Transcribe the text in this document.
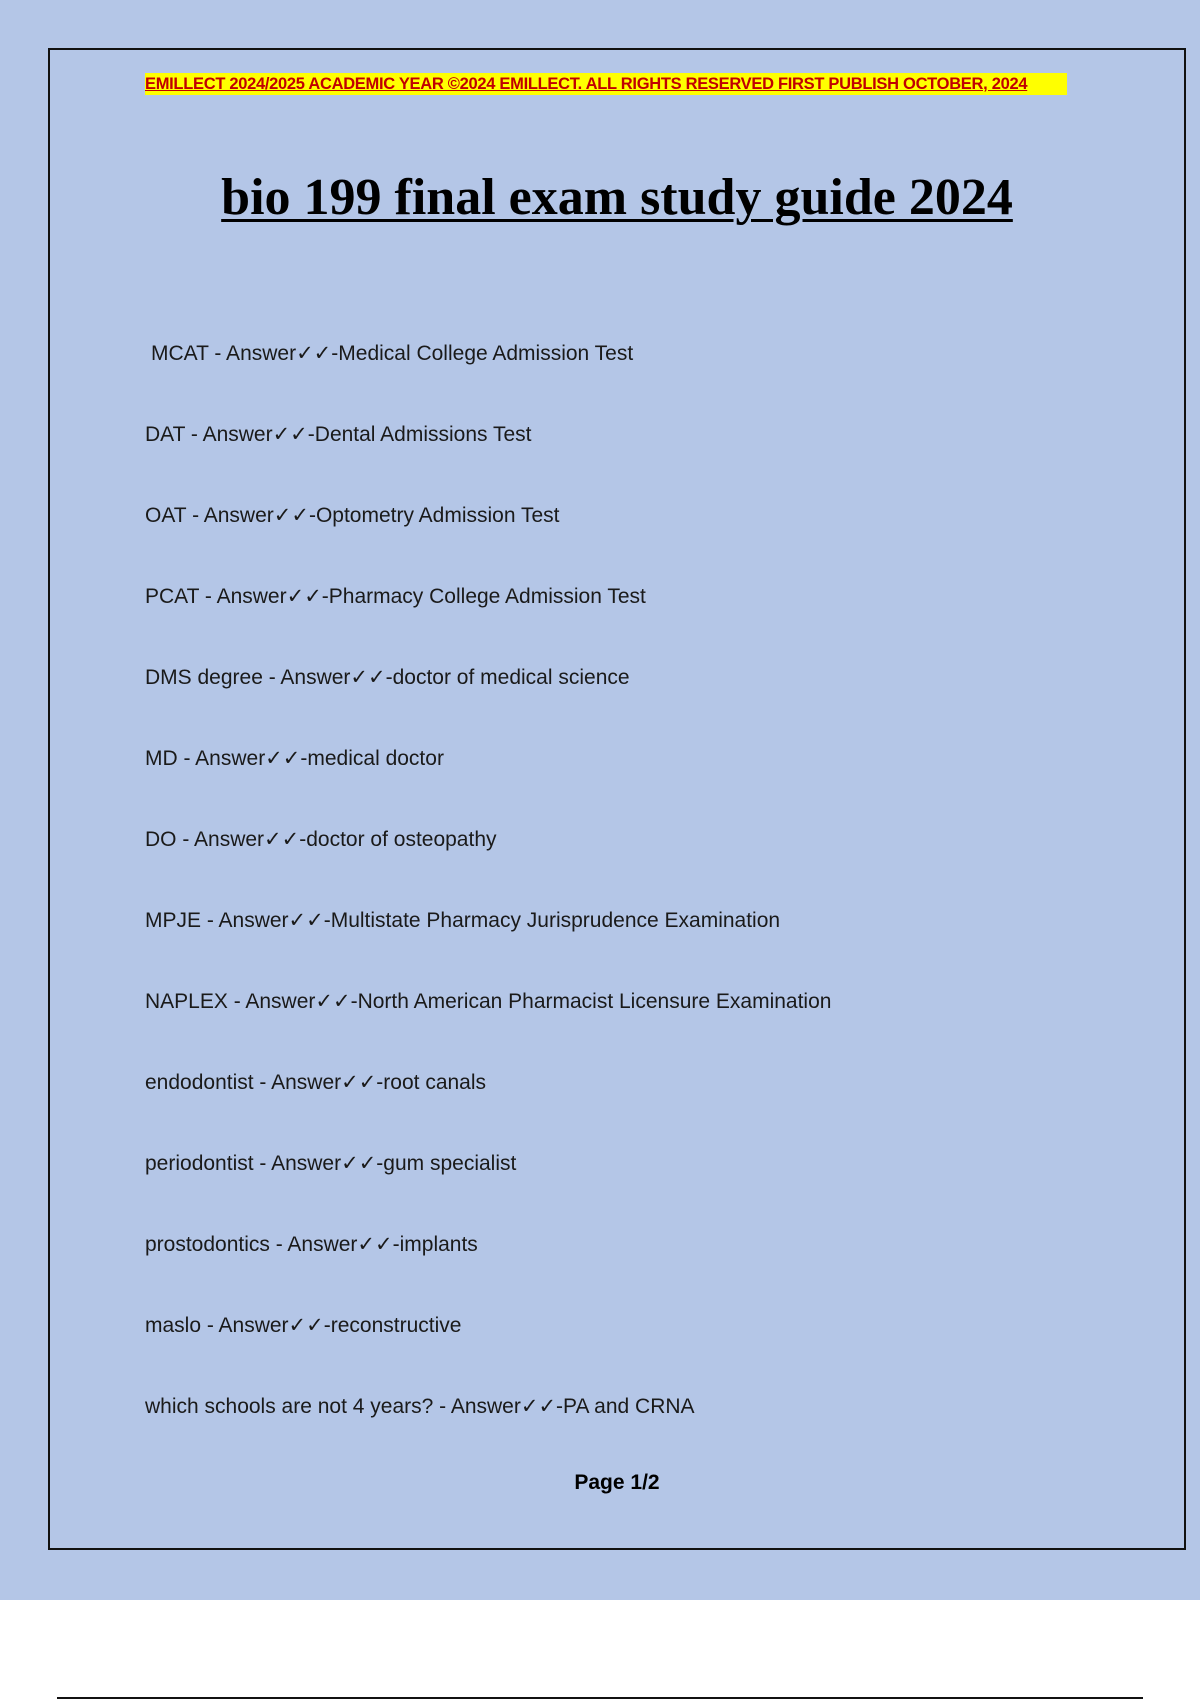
EMILLECT 2024/2025 ACADEMIC YEAR ©2024 EMILLECT. ALL RIGHTS RESERVED FIRST PUBLISH OCTOBER, 2024
bio 199 final exam study guide 2024
MCAT - Answer✓✓-Medical College Admission Test
DAT - Answer✓✓-Dental Admissions Test
OAT - Answer✓✓-Optometry Admission Test
PCAT - Answer✓✓-Pharmacy College Admission Test
DMS degree - Answer✓✓-doctor of medical science
MD - Answer✓✓-medical doctor
DO - Answer✓✓-doctor of osteopathy
MPJE - Answer✓✓-Multistate Pharmacy Jurisprudence Examination
NAPLEX - Answer✓✓-North American Pharmacist Licensure Examination
endodontist - Answer✓✓-root canals
periodontist - Answer✓✓-gum specialist
prostodontics - Answer✓✓-implants
maslo - Answer✓✓-reconstructive
which schools are not 4 years? - Answer✓✓-PA and CRNA
Page 1/2
